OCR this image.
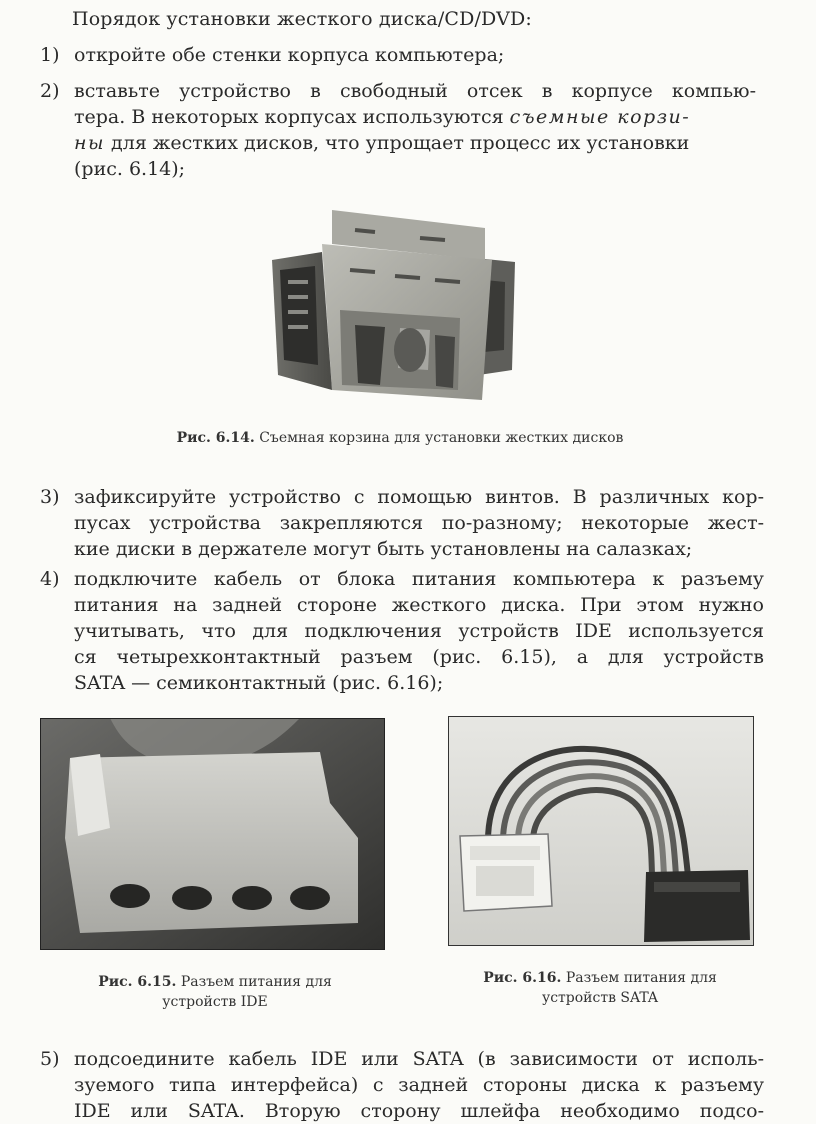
Порядок установки жесткого диска/CD/DVD:
1) откройте обе стенки корпуса компьютера;
2) вставьте устройство в свободный отсек в корпусе компью-
тера. В некоторых корпусах используются съемные корзи-
ны для жестких дисков, что упрощает процесс их установки
(рис. 6.14);
Рис. 6.14. Съемная корзина для установки жестких дисков
3) зафиксируйте устройство с помощью винтов. В различных кор-
пусах устройства закрепляются по-разному; некоторые жест-
кие диски в держателе могут быть установлены на салазках;
4) подключите кабель от блока питания компьютера к разъему
питания на задней стороне жесткого диска. При этом нужно
учитывать, что для подключения устройств IDE используется
ся четырехконтактный разъем (рис. 6.15), а для устройств
SATA — семиконтактный (рис. 6.16);
Рис. 6.15. Разъем питания для
устройств IDE
Рис. 6.16. Разъем питания для
устройств SATA
5) подсоедините кабель IDE или SATA (в зависимости от исполь-
зуемого типа интерфейса) с задней стороны диска к разъему
IDE или SATA. Вторую сторону шлейфа необходимо подсо-
